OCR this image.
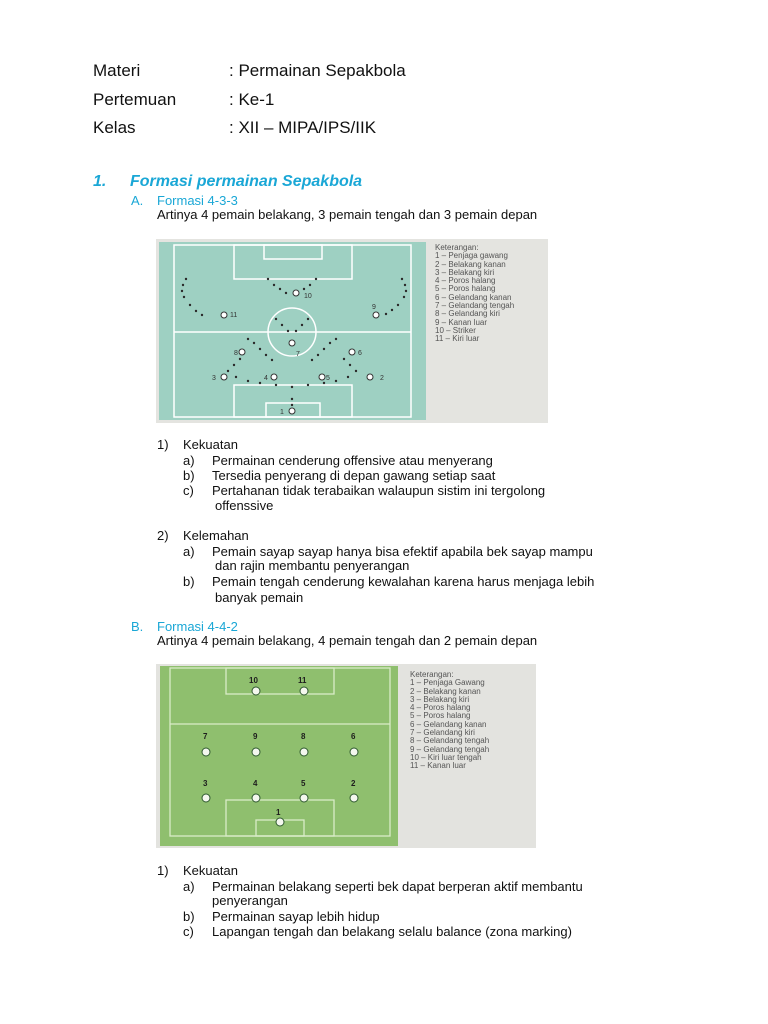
Materi	: Permainan Sepakbola
Pertemuan	: Ke-1
Kelas	: XII – MIPA/IPS/IIK
1. Formasi permainan Sepakbola
A. Formasi 4-3-3
Artinya 4 pemain belakang, 3 pemain tengah dan 3 pemain depan
1
2
3	4	5
6
7
8
9
10
11
Keterangan:
1 – Penjaga gawang
2 – Belakang kanan
3 – Belakang kiri
4 – Poros halang
5 – Poros halang
6 – Gelandang kanan
7 – Gelandang tengah
8 – Gelandang kiri
9 – Kanan luar
10 – Striker
11 – Kiri luar
1) Kekuatan
a) Permainan cenderung offensive atau menyerang
b) Tersedia penyerang di depan gawang setiap saat
c) Pertahanan tidak terabaikan walaupun sistim ini tergolong
offenssive
2) Kelemahan
a) Pemain sayap sayap hanya bisa efektif apabila bek sayap mampu
dan rajin membantu penyerangan
b) Pemain tengah cenderung kewalahan karena harus menjaga lebih
banyak pemain
B. Formasi 4-4-2
Artinya 4 pemain belakang, 4 pemain tengah dan 2 pemain depan
1
2
3	4	5
6
7	8
9
10	11
Keterangan:
1 – Penjaga Gawang
2 – Belakang kanan
3 – Belakang kiri
4 – Poros halang
5 – Poros halang
6 – Gelandang kanan
7 – Gelandang kiri
8 – Gelandang tengah
9 – Gelandang tengah
10 – Kiri luar tengah
11 – Kanan luar
1) Kekuatan
a) Permainan belakang seperti bek dapat berperan aktif membantu
penyerangan
b) Permainan sayap lebih hidup
c) Lapangan tengah dan belakang selalu balance (zona marking)
